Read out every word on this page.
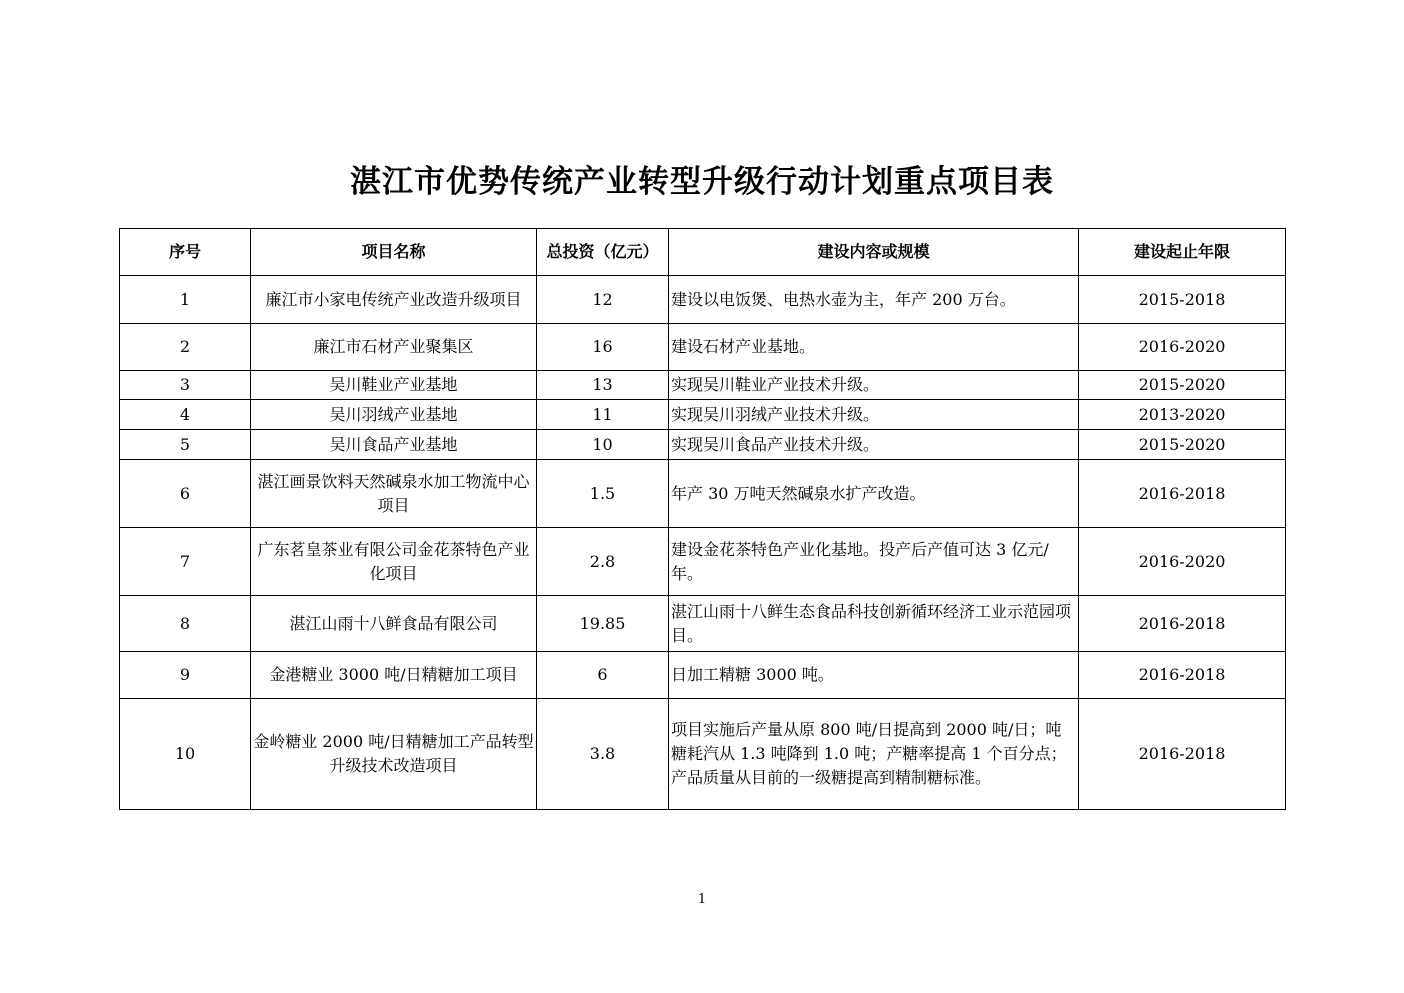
湛江市优势传统产业转型升级行动计划重点项目表
序号	项目名称	总投资（亿元）	建设内容或规模	建设起止年限
1	廉江市小家电传统产业改造升级项目	12	建设以电饭煲、电热水壶为主，年产 200 万台。	2015-2018
2	廉江市石材产业聚集区	16	建设石材产业基地。	2016-2020
3	吴川鞋业产业基地	13	实现吴川鞋业产业技术升级。	2015-2020
4	吴川羽绒产业基地	11	实现吴川羽绒产业技术升级。	2013-2020
5	吴川食品产业基地	10	实现吴川食品产业技术升级。	2015-2020
6	湛江画景饮料天然碱泉水加工物流中心项目	1.5	年产 30 万吨天然碱泉水扩产改造。	2016-2018
7	广东茗皇茶业有限公司金花茶特色产业化项目	2.8	建设金花茶特色产业化基地。投产后产值可达 3 亿元/年。	2016-2020
8	湛江山雨十八鲜食品有限公司	19.85	湛江山雨十八鲜生态食品科技创新循环经济工业示范园项目。	2016-2018
9	金港糖业 3000 吨/日精糖加工项目	6	日加工精糖 3000 吨。	2016-2018
10	金岭糖业 2000 吨/日精糖加工产品转型升级技术改造项目	3.8	项目实施后产量从原 800 吨/日提高到 2000 吨/日；吨糖耗汽从 1.3 吨降到 1.0 吨；产糖率提高 1 个百分点；产品质量从目前的一级糖提高到精制糖标准。	2016-2018
1
